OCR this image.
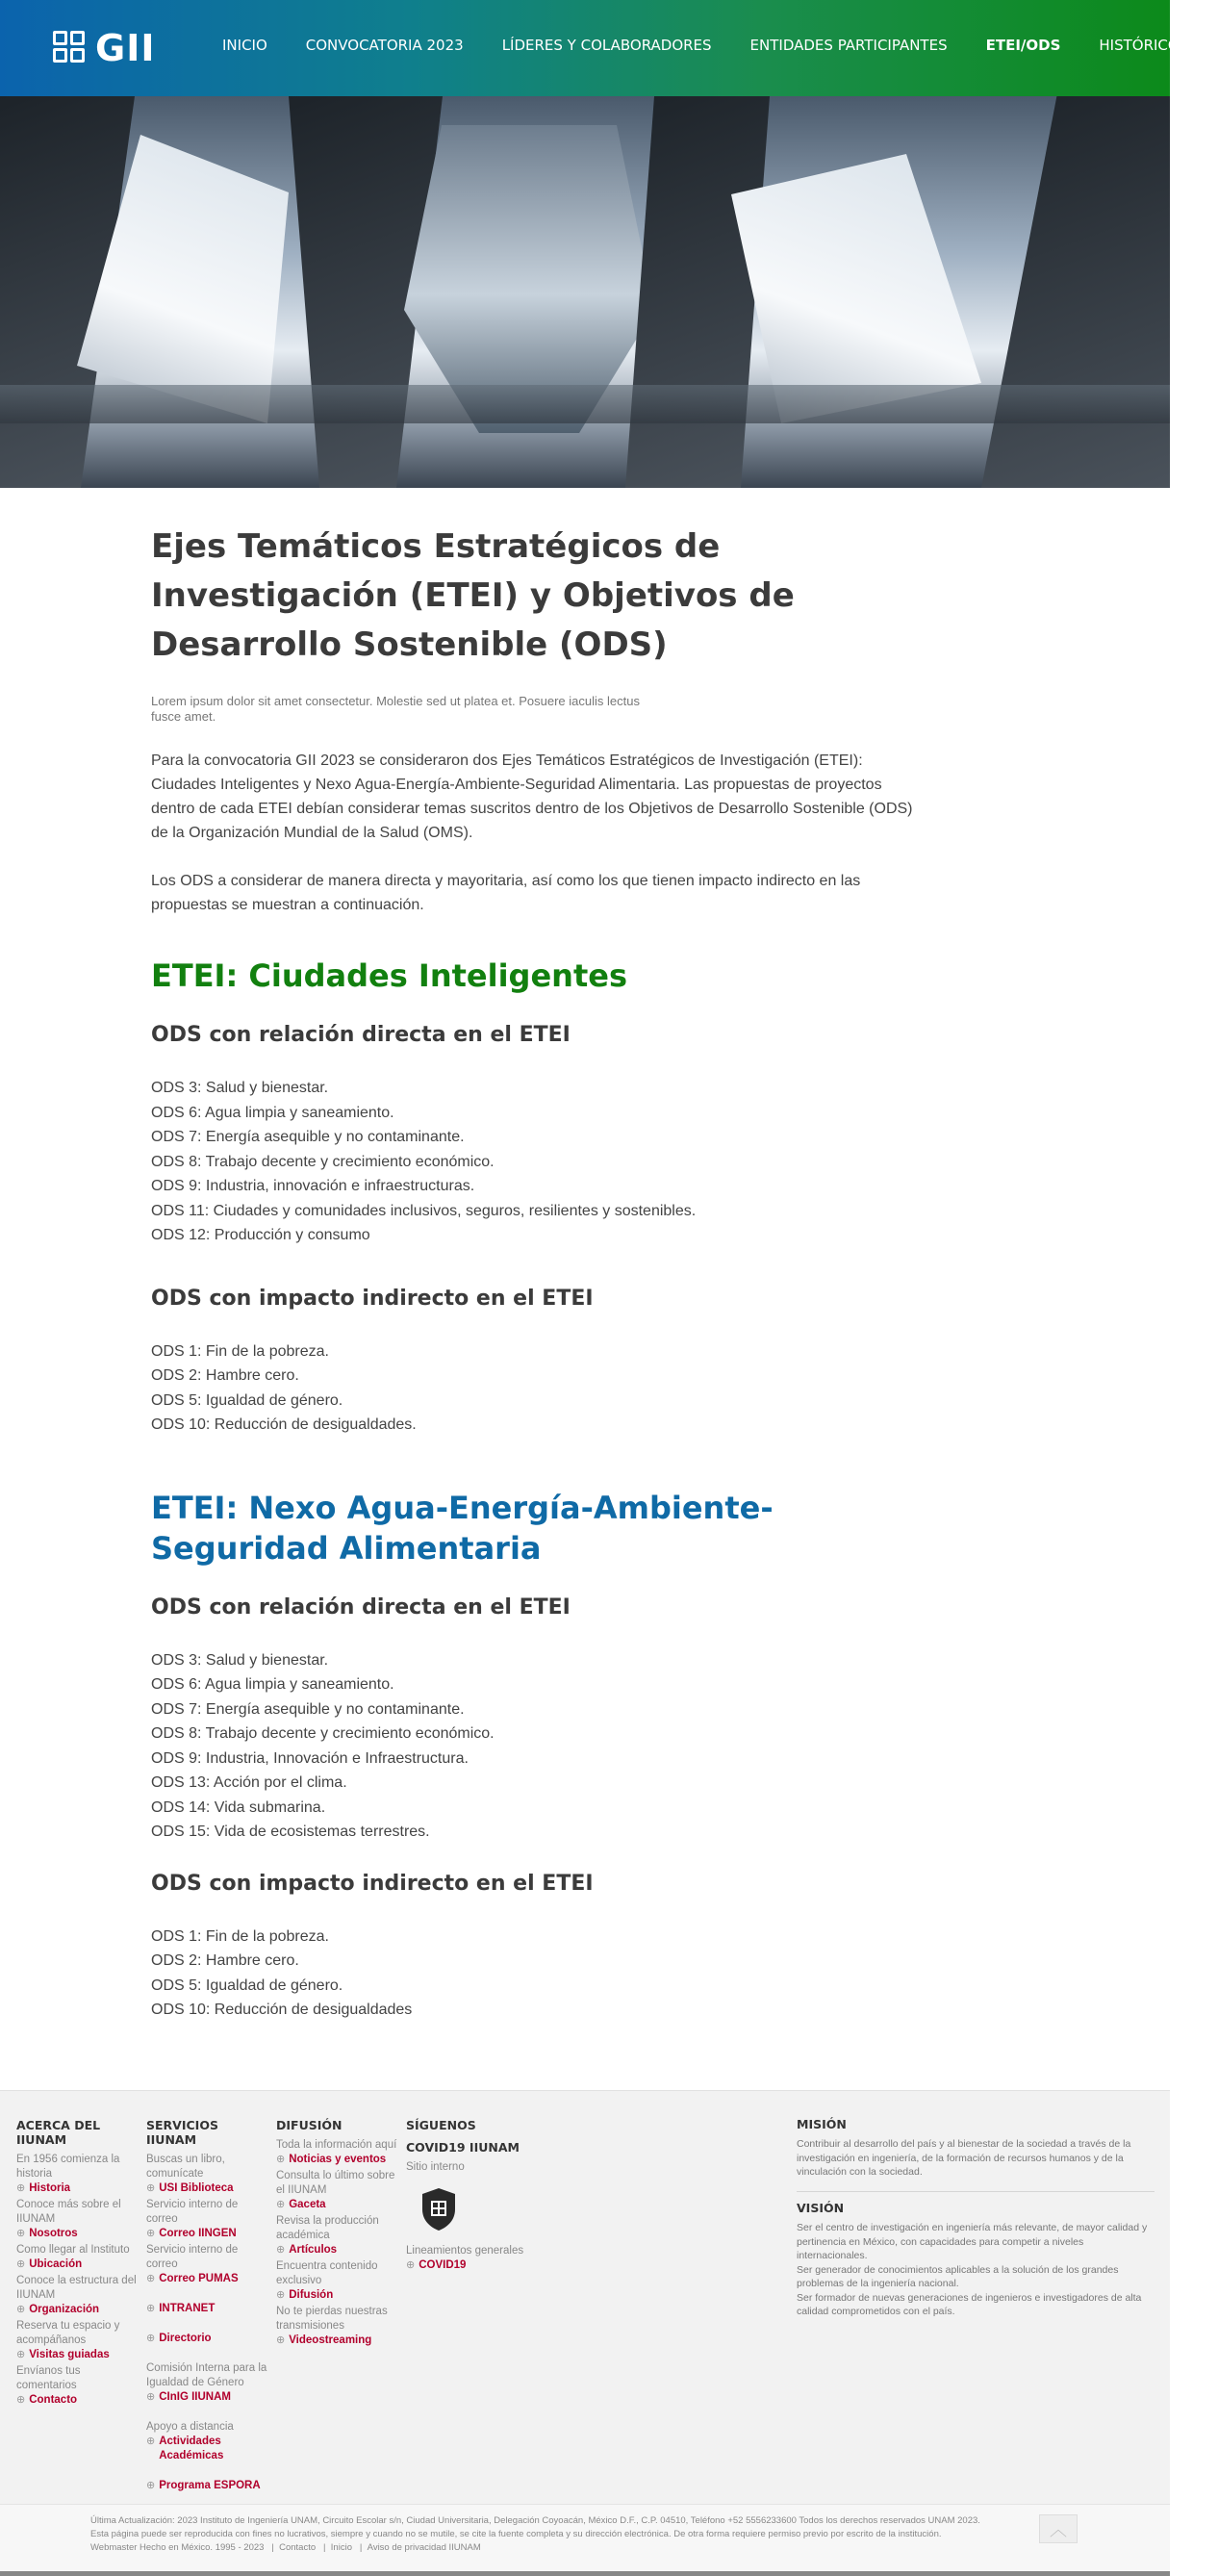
GII	INICIO	CONVOCATORIA 2023	LÍDERES Y COLABORADORES	ENTIDADES PARTICIPANTES	ETEI/ODS	HISTÓRICO
Ejes Temáticos Estratégicos de Investigación (ETEI) y Objetivos de Desarrollo Sostenible (ODS)

Lorem ipsum dolor sit amet consectetur. Molestie sed ut platea et. Posuere iaculis lectus fusce amet.

Para la convocatoria GII 2023 se consideraron dos Ejes Temáticos Estratégicos de Investigación (ETEI): Ciudades Inteligentes y Nexo Agua-Energía-Ambiente-Seguridad Alimentaria. Las propuestas de proyectos dentro de cada ETEI debían considerar temas suscritos dentro de los Objetivos de Desarrollo Sostenible (ODS) de la Organización Mundial de la Salud (OMS).

Los ODS a considerar de manera directa y mayoritaria, así como los que tienen impacto indirecto en las propuestas se muestran a continuación.

ETEI: Ciudades Inteligentes
ODS con relación directa en el ETEI
ODS 3: Salud y bienestar.
ODS 6: Agua limpia y saneamiento.
ODS 7: Energía asequible y no contaminante.
ODS 8: Trabajo decente y crecimiento económico.
ODS 9: Industria, innovación e infraestructuras.
ODS 11: Ciudades y comunidades inclusivos, seguros, resilientes y sostenibles.
ODS 12: Producción y consumo
ODS con impacto indirecto en el ETEI
ODS 1: Fin de la pobreza.
ODS 2: Hambre cero.
ODS 5: Igualdad de género.
ODS 10: Reducción de desigualdades.
ETEI: Nexo Agua-Energía-Ambiente-Seguridad Alimentaria
ODS con relación directa en el ETEI
ODS 3: Salud y bienestar.
ODS 6: Agua limpia y saneamiento.
ODS 7: Energía asequible y no contaminante.
ODS 8: Trabajo decente y crecimiento económico.
ODS 9: Industria, Innovación e Infraestructura.
ODS 13: Acción por el clima.
ODS 14: Vida submarina.
ODS 15: Vida de ecosistemas terrestres.
ODS con impacto indirecto en el ETEI
ODS 1: Fin de la pobreza.
ODS 2: Hambre cero.
ODS 5: Igualdad de género.
ODS 10: Reducción de desigualdades
ACERCA DEL IIUNAM
En 1956 comienza la historia
⊕ Historia
Conoce más sobre el IIUNAM
⊕ Nosotros
Como llegar al Instituto
⊕ Ubicación
Conoce la estructura del IIUNAM
⊕ Organización
Reserva tu espacio y acompáñanos
⊕ Visitas guiadas
Envíanos tus comentarios
⊕ Contacto
SERVICIOS IIUNAM
Buscas un libro, comunícate
⊕ USI Biblioteca
Servicio interno de correo
⊕ Correo IINGEN
Servicio interno de correo
⊕ Correo PUMAS
⊕ INTRANET
⊕ Directorio
Comisión Interna para la Igualdad de Género
⊕ CInIG IIUNAM
Apoyo a distancia
⊕ Actividades Académicas
⊕ Programa ESPORA
DIFUSIÓN
Toda la información aquí
⊕ Noticias y eventos
Consulta lo último sobre el IIUNAM
⊕ Gaceta
Revisa la producción académica
⊕ Artículos
Encuentra contenido exclusivo
⊕ Difusión
No te pierdas nuestras transmisiones
⊕ Videostreaming
SÍGUENOS
COVID19 IIUNAM
Sitio interno
Lineamientos generales
⊕ COVID19
MISIÓN

Contribuir al desarrollo del país y al bienestar de la sociedad a través de la investigación en ingeniería, de la formación de recursos humanos y de la vinculación con la sociedad.

VISIÓN

Ser el centro de investigación en ingeniería más relevante, de mayor calidad y pertinencia en México, con capacidades para competir a niveles internacionales.

Ser generador de conocimientos aplicables a la solución de los grandes problemas de la ingeniería nacional.

Ser formador de nuevas generaciones de ingenieros e investigadores de alta calidad comprometidos con el país.

Última Actualización: 2023 Instituto de Ingeniería UNAM, Circuito Escolar s/n, Ciudad Universitaria, Delegación Coyoacán, México D.F., C.P. 04510, Teléfono +52 5556233600 Todos los derechos reservados UNAM 2023.
Esta página puede ser reproducida con fines no lucrativos, siempre y cuando no se mutile, se cite la fuente completa y su dirección electrónica. De otra forma requiere permiso previo por escrito de la institución.
Webmaster Hecho en México. 1995 - 2023   |  Contacto   |  Inicio   |  Aviso de privacidad IIUNAM
︿
